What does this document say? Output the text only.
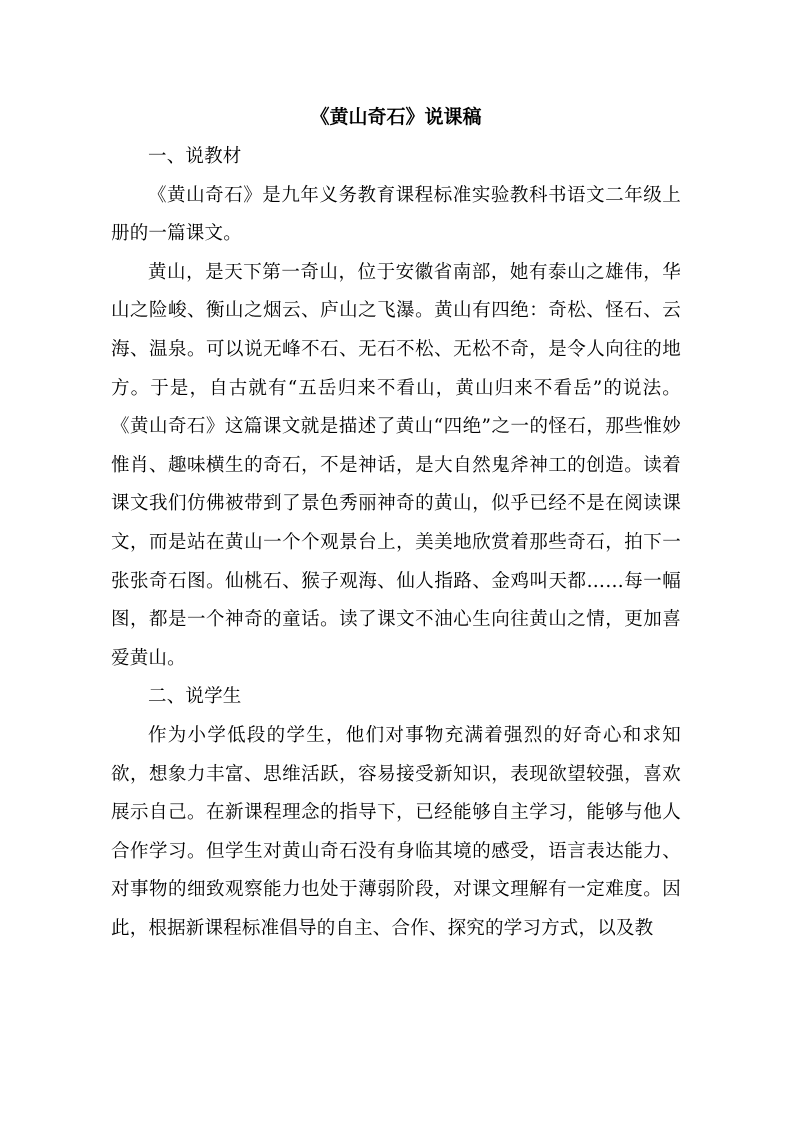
《黄山奇石》说课稿

一、说教材

《黄山奇石》是九年义务教育课程标准实验教科书语文二年级上册的一篇课文。

黄山，是天下第一奇山，位于安徽省南部，她有泰山之雄伟，华山之险峻、衡山之烟云、庐山之飞瀑。黄山有四绝：奇松、怪石、云海、温泉。可以说无峰不石、无石不松、无松不奇，是令人向往的地方。于是，自古就有“五岳归来不看山，黄山归来不看岳”的说法。《黄山奇石》这篇课文就是描述了黄山“四绝”之一的怪石，那些惟妙惟肖、趣味横生的奇石，不是神话，是大自然鬼斧神工的创造。读着课文我们仿佛被带到了景色秀丽神奇的黄山，似乎已经不是在阅读课文，而是站在黄山一个个观景台上，美美地欣赏着那些奇石，拍下一张张奇石图。仙桃石、猴子观海、仙人指路、金鸡叫天都……每一幅图，都是一个神奇的童话。读了课文不油心生向往黄山之情，更加喜爱黄山。

二、说学生

作为小学低段的学生，他们对事物充满着强烈的好奇心和求知欲，想象力丰富、思维活跃，容易接受新知识，表现欲望较强，喜欢展示自己。在新课程理念的指导下，已经能够自主学习，能够与他人合作学习。但学生对黄山奇石没有身临其境的感受，语言表达能力、对事物的细致观察能力也处于薄弱阶段，对课文理解有一定难度。因此，根据新课程标准倡导的自主、合作、探究的学习方式，以及教
